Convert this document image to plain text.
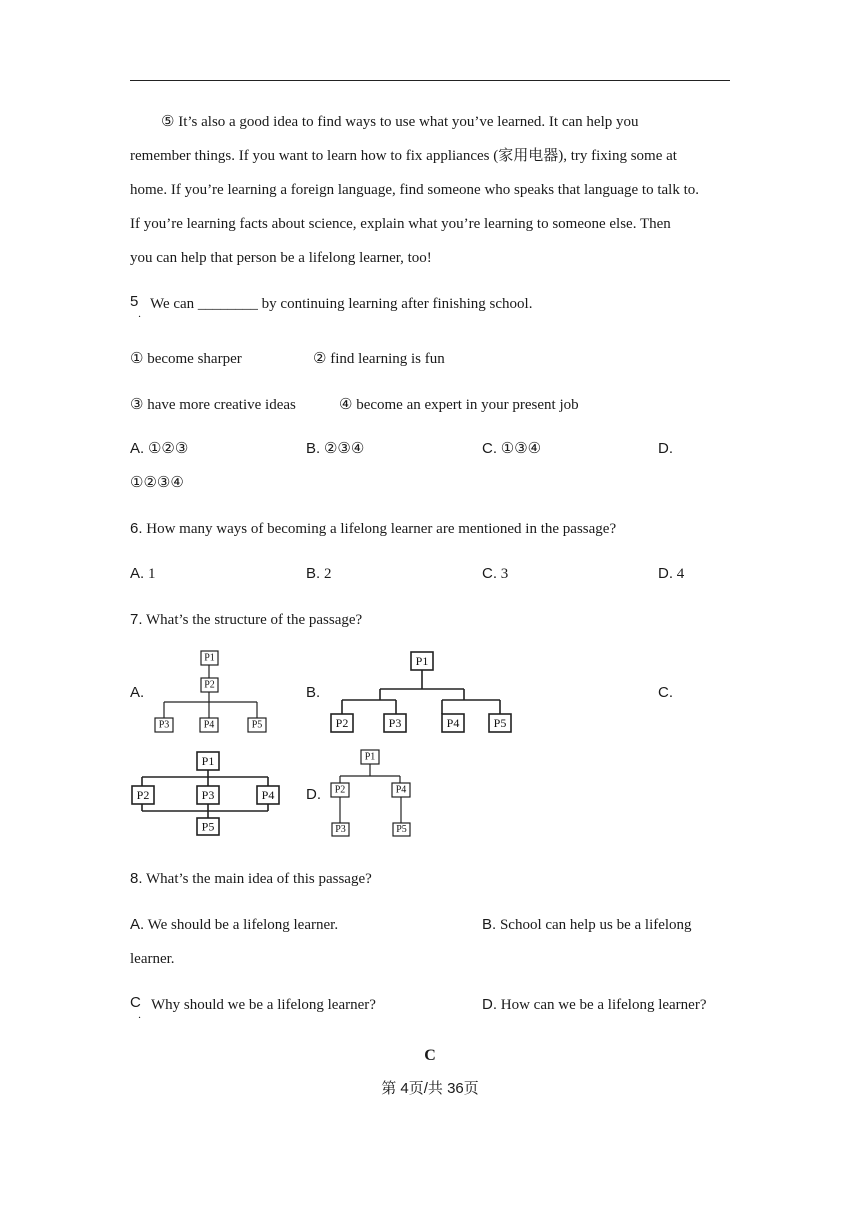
⑤ It’s also a good idea to find ways to use what you’ve learned. It can help you
remember things. If you want to learn how to fix appliances (家用电器), try fixing some at
home. If you’re learning a foreign language, find someone who speaks that language to talk to.
If you’re learning facts about science, explain what you’re learning to someone else. Then
you can help that person be a lifelong learner, too!
5
．
We can ________ by continuing learning after finishing school.
① become sharper	② find learning is fun
③ have more creative ideas	④ become an expert in your present job
A. ①②③	B. ②③④	C. ①③④	D.
①②③④
6. How many ways of becoming a lifelong learner are mentioned in the passage?
A. 1	B. 2	C. 3	D. 4
7. What’s the structure of the passage?
A.	B.	C.
D.
P1
P2
P3	P4	P5
P1
P2	P3	P4	P5
P1
P2	P3	P4
P5
P1
P2	P4
P3	P5
8. What’s the main idea of this passage?
A. We should be a lifelong learner.	B. School can help us be a lifelong
learner.
C
．
Why should we be a lifelong learner?	D. How can we be a lifelong learner?
C
第 4页/共 36页
